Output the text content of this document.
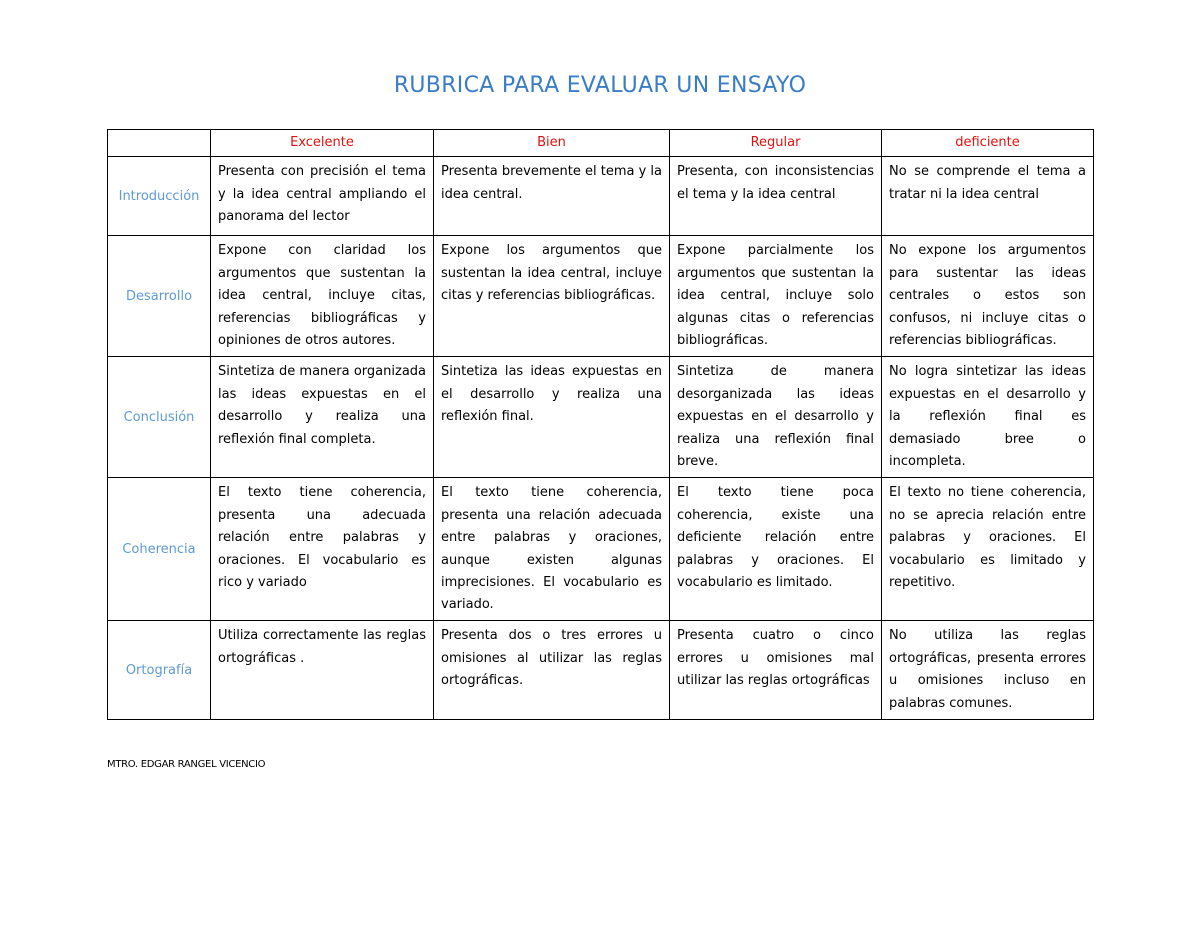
RUBRICA PARA EVALUAR UN ENSAYO
	Excelente	Bien	Regular	deficiente
Introducción	Presenta con precisión el tema y la idea central ampliando el panorama del lector	Presenta brevemente el tema y la idea central.	Presenta, con inconsistencias el tema y la idea central	No se comprende el tema a tratar ni la idea central
Desarrollo	Expone con claridad los argumentos que sustentan la idea central, incluye citas, referencias bibliográficas y opiniones de otros autores.	Expone los argumentos que sustentan la idea central, incluye citas y referencias bibliográficas.	Expone parcialmente los argumentos que sustentan la idea central, incluye solo algunas citas o referencias bibliográficas.	No expone los argumentos para sustentar las ideas centrales o estos son confusos, ni incluye citas o referencias bibliográficas.
Conclusión	Sintetiza de manera organizada las ideas expuestas en el desarrollo y realiza una reflexión final completa.	Sintetiza las ideas expuestas en el desarrollo y realiza una reflexión final.	Sintetiza de manera desorganizada las ideas expuestas en el desarrollo y realiza una reflexión final breve.	No logra sintetizar las ideas expuestas en el desarrollo y la reflexión final es demasiado bree o incompleta.
Coherencia	El texto tiene coherencia, presenta una adecuada relación entre palabras y oraciones. El vocabulario es rico y variado	El texto tiene coherencia, presenta una relación adecuada entre palabras y oraciones, aunque existen algunas imprecisiones. El vocabulario es variado.	El texto tiene poca coherencia, existe una deficiente relación entre palabras y oraciones. El vocabulario es limitado.	El texto no tiene coherencia, no se aprecia relación entre palabras y oraciones. El vocabulario es limitado y repetitivo.
Ortografía	Utiliza correctamente las reglas ortográficas .	Presenta dos o tres errores u omisiones al utilizar las reglas ortográficas.	Presenta cuatro o cinco errores u omisiones mal utilizar las reglas ortográficas	No utiliza las reglas ortográficas, presenta errores u omisiones incluso en palabras comunes.
MTRO. EDGAR RANGEL VICENCIO
